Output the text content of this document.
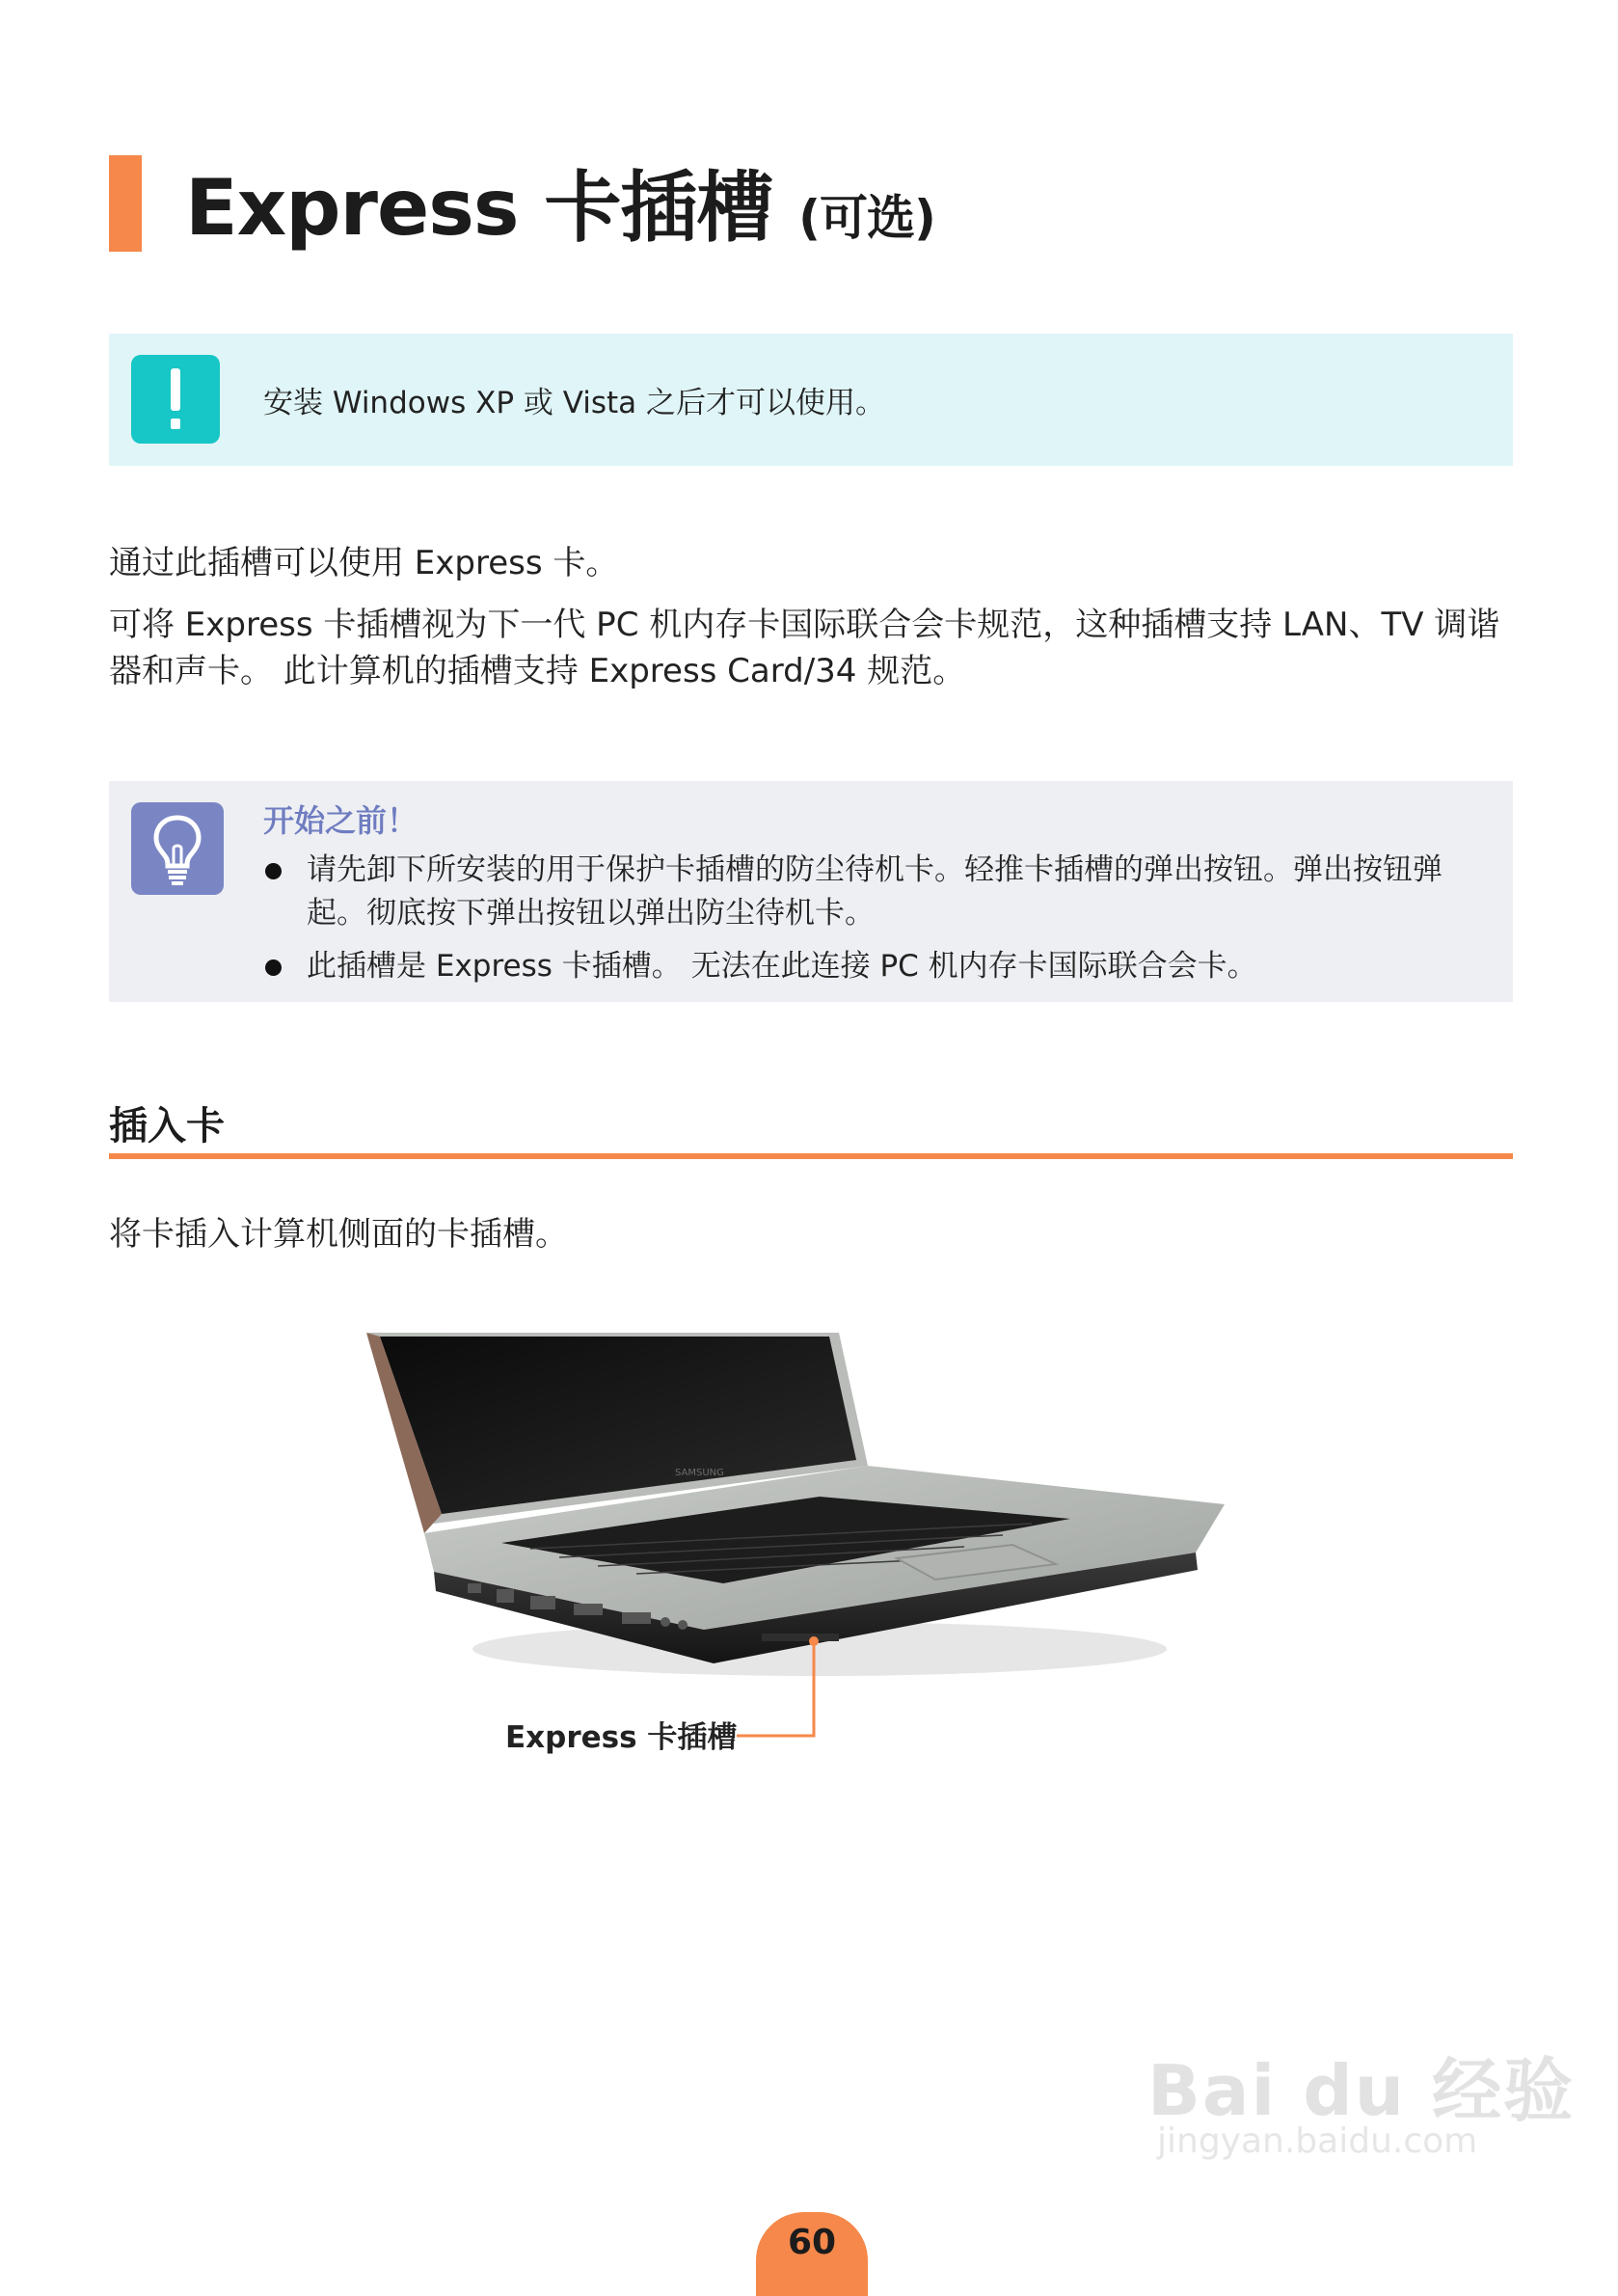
Express 卡插槽 (可选)
安装 Windows XP 或 Vista 之后才可以使用。
通过此插槽可以使用 Express 卡。
可将 Express 卡插槽视为下一代 PC 机内存卡国际联合会卡规范，这种插槽支持 LAN、TV 调谐器和声卡。 此计算机的插槽支持 Express Card/34 规范。
开始之前！
请先卸下所安装的用于保护卡插槽的防尘待机卡。轻推卡插槽的弹出按钮。弹出按钮弹起。彻底按下弹出按钮以弹出防尘待机卡。
此插槽是 Express 卡插槽。 无法在此连接 PC 机内存卡国际联合会卡。
插入卡
将卡插入计算机侧面的卡插槽。
SAMSUNG
Express 卡插槽
Bai du 经验
jingyan.baidu.com
60
